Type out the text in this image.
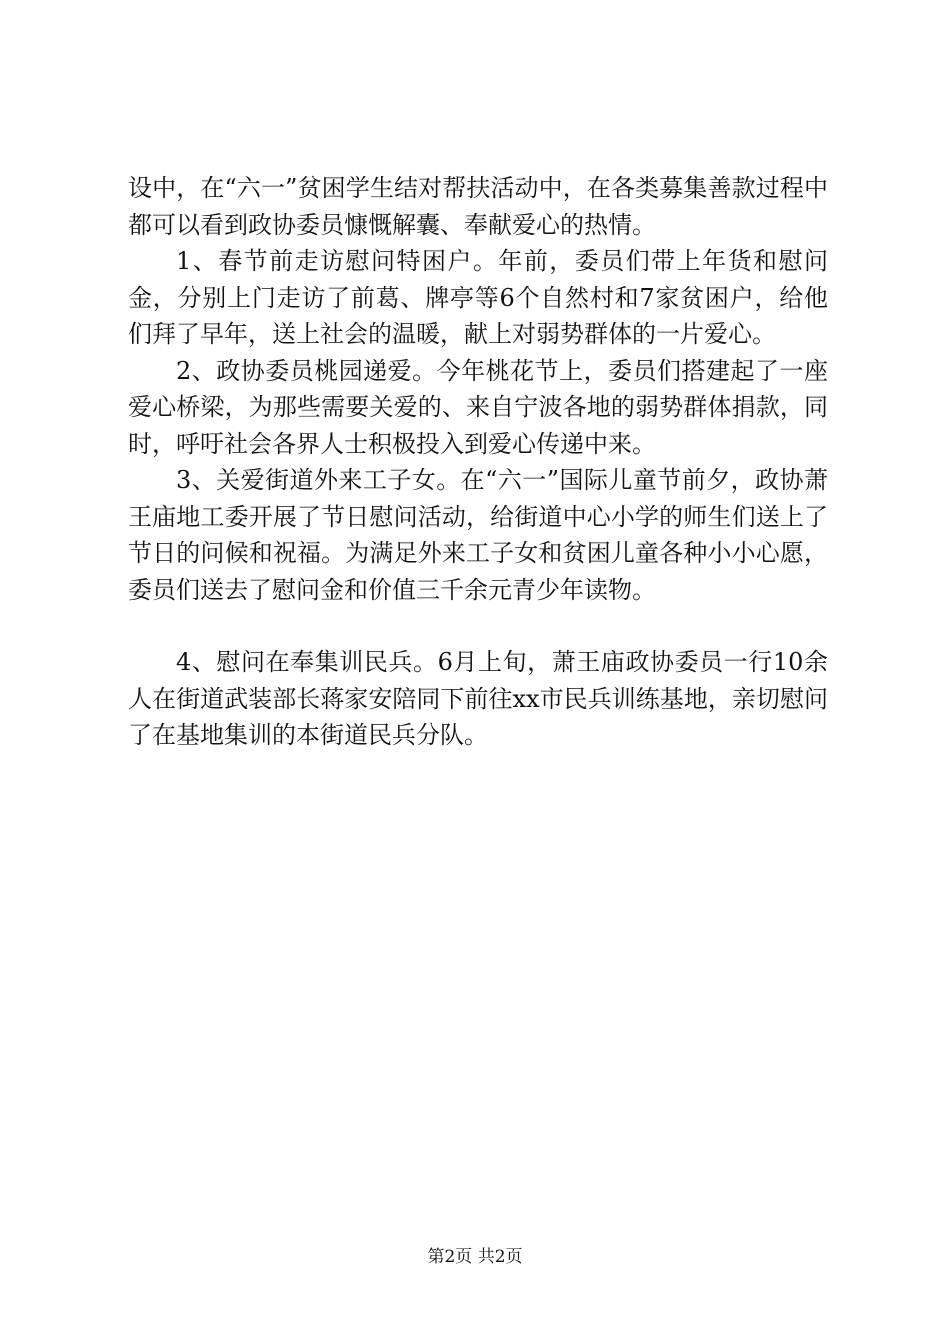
设中，在“六一”贫困学生结对帮扶活动中，在各类募集善款过程中都可以看到政协委员慷慨解囊、奉献爱心的热情。

1、春节前走访慰问特困户。年前，委员们带上年货和慰问金，分别上门走访了前葛、牌亭等6个自然村和7家贫困户，给他们拜了早年，送上社会的温暖，献上对弱势群体的一片爱心。

2、政协委员桃园递爱。今年桃花节上，委员们搭建起了一座爱心桥梁，为那些需要关爱的、来自宁波各地的弱势群体捐款，同时，呼吁社会各界人士积极投入到爱心传递中来。

3、关爱街道外来工子女。在“六一”国际儿童节前夕，政协萧王庙地工委开展了节日慰问活动，给街道中心小学的师生们送上了节日的问候和祝福。为满足外来工子女和贫困儿童各种小小心愿，委员们送去了慰问金和价值三千余元青少年读物。

4、慰问在奉集训民兵。6月上旬，萧王庙政协委员一行10余人在街道武装部长蒋家安陪同下前往xx市民兵训练基地，亲切慰问了在基地集训的本街道民兵分队。

第2页 共2页
